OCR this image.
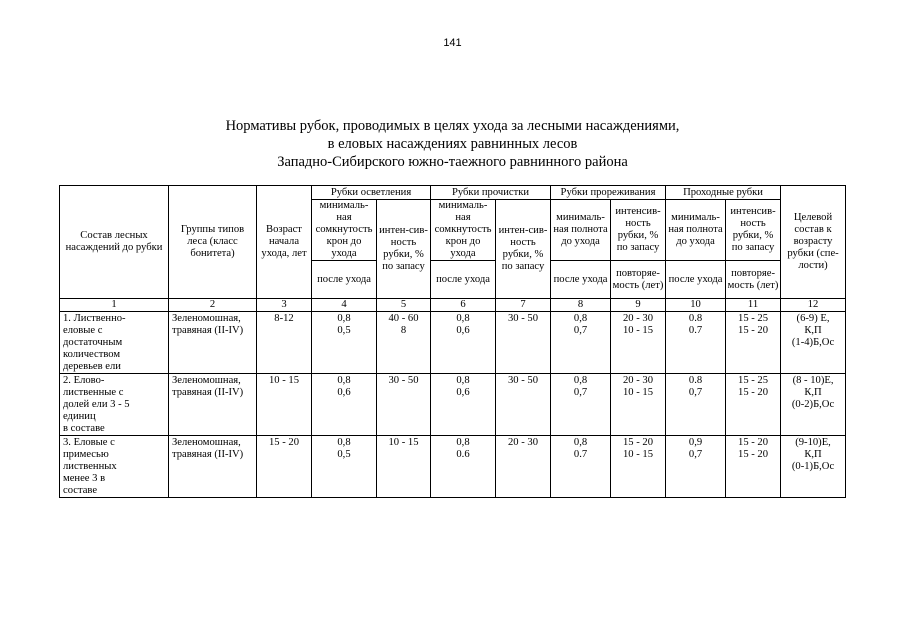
141
Нормативы рубок, проводимых в целях ухода за лесными насаждениями,
в еловых насаждениях равнинных лесов
Западно-Сибирского южно-таежного равнинного района
Состав лесных насаждений до рубки	Группы типов леса (класс бонитета)	Возраст начала ухода, лет	Рубки осветления		Рубки прочистки		Рубки прореживания		Проходные рубки		Целевой состав к возрасту рубки (спе-лости)
			минималь-ная сомкнутость крон до ухода	интен-сив-ность рубки, % по запасу	минималь-ная сомкнутость крон до ухода	интен-сив-ность рубки, % по запасу	минималь-ная полнота до ухода	интенсив-ность рубки, % по запасу	минималь-ная полнота до ухода	интенсив-ность рубки, % по запасу	
			после ухода		после ухода		после ухода	повторяе-мость (лет)	после ухода	повторяе-мость (лет)	
1	2	3	4	5	6	7	8	9	10	11	12

1. Лиственно-
еловые с
достаточным
количеством
деревьев ели	Зеленомошная,
травяная (II-IV)	8-12	0,8
0,5	40 - 60
8	0,8
0,6	30 - 50	0,8
0,7	20 - 30
10 - 15	0.8
0.7	15 - 25
15 - 20	(6-9) Е,
К,П
(1-4)Б,Ос

2. Елово-
лиственные с
долей ели 3 - 5
единиц
в составе	Зеленомошная,
травяная (II-IV)	10 - 15	0,8
0,6	30 - 50	0,8
0,6	30 - 50	0,8
0,7	20 - 30
10 - 15	0.8
0,7	15 - 25
15 - 20	(8 - 10)Е,
К,П
(0-2)Б,Ос

3. Еловые с
примесью
лиственных
менее 3 в
составе	Зеленомошная,
травяная (II-IV)	15 - 20	0,8
0,5	10 - 15	0,8
0.6	20 - 30	0,8
0.7	15 - 20
10 - 15	0,9
0,7	15 - 20
15 - 20	(9-10)Е,
К,П
(0-1)Б,Ос
